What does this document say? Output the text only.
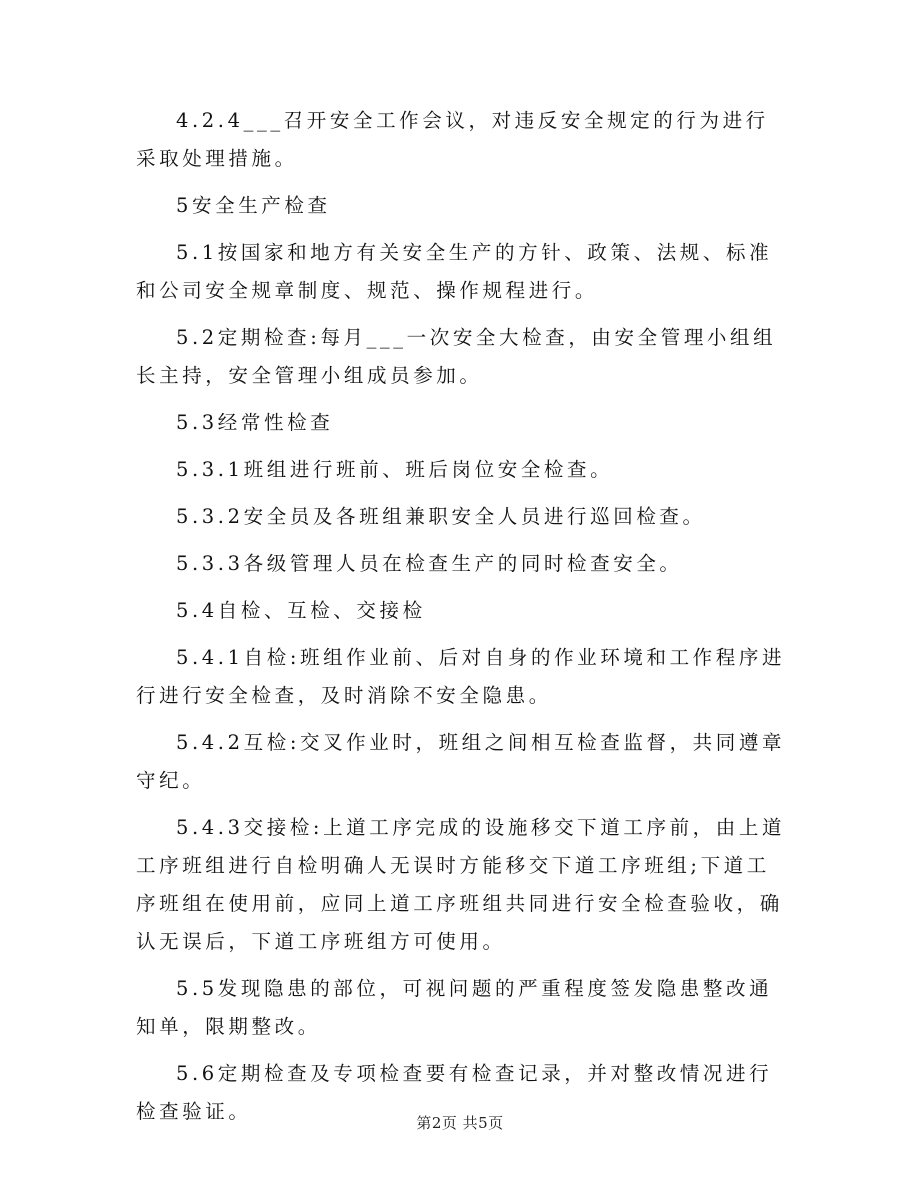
4.2.4___召开安全工作会议，对违反安全规定的行为进行采取处理措施。

5安全生产检查

5.1按国家和地方有关安全生产的方针、政策、法规、标准和公司安全规章制度、规范、操作规程进行。

5.2定期检查:每月___一次安全大检查，由安全管理小组组长主持，安全管理小组成员参加。

5.3经常性检查

5.3.1班组进行班前、班后岗位安全检查。

5.3.2安全员及各班组兼职安全人员进行巡回检查。

5.3.3各级管理人员在检查生产的同时检查安全。

5.4自检、互检、交接检

5.4.1自检:班组作业前、后对自身的作业环境和工作程序进行进行安全检查，及时消除不安全隐患。

5.4.2互检:交叉作业时，班组之间相互检查监督，共同遵章守纪。

5.4.3交接检:上道工序完成的设施移交下道工序前，由上道工序班组进行自检明确人无误时方能移交下道工序班组;下道工序班组在使用前，应同上道工序班组共同进行安全检查验收，确认无误后，下道工序班组方可使用。

5.5发现隐患的部位，可视问题的严重程度签发隐患整改通知单，限期整改。

5.6定期检查及专项检查要有检查记录，并对整改情况进行检查验证。	第2页 共5页
